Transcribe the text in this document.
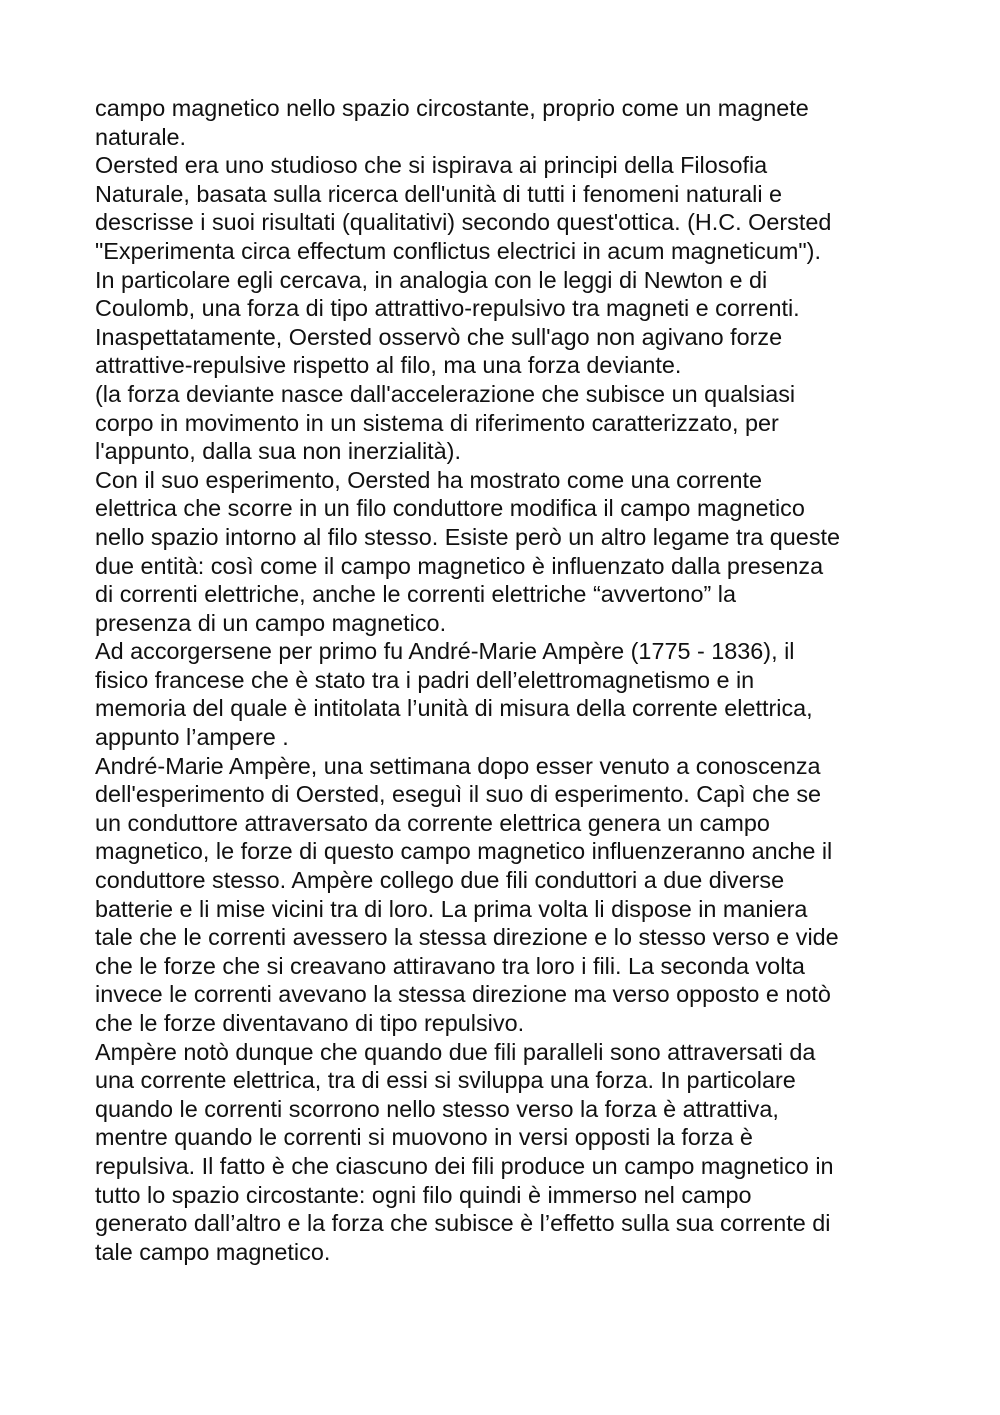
campo magnetico nello spazio circostante, proprio come un magnete
naturale.
Oersted era uno studioso che si ispirava ai principi della Filosofia
Naturale, basata sulla ricerca dell'unità di tutti i fenomeni naturali e
descrisse i suoi risultati (qualitativi) secondo quest'ottica. (H.C. Oersted
"Experimenta circa effectum conflictus electrici in acum magneticum").
In particolare egli cercava, in analogia con le leggi di Newton e di
Coulomb, una forza di tipo attrattivo-repulsivo tra magneti e correnti.
Inaspettatamente, Oersted osservò che sull'ago non agivano forze
attrattive-repulsive rispetto al filo, ma una forza deviante.
(la forza deviante nasce dall'accelerazione che subisce un qualsiasi
corpo in movimento in un sistema di riferimento caratterizzato, per
l'appunto, dalla sua non inerzialità).
Con il suo esperimento, Oersted ha mostrato come una corrente
elettrica che scorre in un filo conduttore modifica il campo magnetico
nello spazio intorno al filo stesso. Esiste però un altro legame tra queste
due entità: così come il campo magnetico è influenzato dalla presenza
di correnti elettriche, anche le correnti elettriche “avvertono” la
presenza di un campo magnetico.
Ad accorgersene per primo fu André-Marie Ampère (1775 - 1836), il
fisico francese che è stato tra i padri dell’elettromagnetismo e in
memoria del quale è intitolata l’unità di misura della corrente elettrica,
appunto l’ampere .
André-Marie Ampère, una settimana dopo esser venuto a conoscenza
dell'esperimento di Oersted, eseguì il suo di esperimento. Capì che se
un conduttore attraversato da corrente elettrica genera un campo
magnetico, le forze di questo campo magnetico influenzeranno anche il
conduttore stesso. Ampère collego due fili conduttori a due diverse
batterie e li mise vicini tra di loro. La prima volta li dispose in maniera
tale che le correnti avessero la stessa direzione e lo stesso verso e vide
che le forze che si creavano attiravano tra loro i fili. La seconda volta
invece le correnti avevano la stessa direzione ma verso opposto e notò
che le forze diventavano di tipo repulsivo.
Ampère notò dunque che quando due fili paralleli sono attraversati da
una corrente elettrica, tra di essi si sviluppa una forza. In particolare
quando le correnti scorrono nello stesso verso la forza è attrattiva,
mentre quando le correnti si muovono in versi opposti la forza è
repulsiva. Il fatto è che ciascuno dei fili produce un campo magnetico in
tutto lo spazio circostante: ogni filo quindi è immerso nel campo
generato dall’altro e la forza che subisce è l’effetto sulla sua corrente di
tale campo magnetico.
